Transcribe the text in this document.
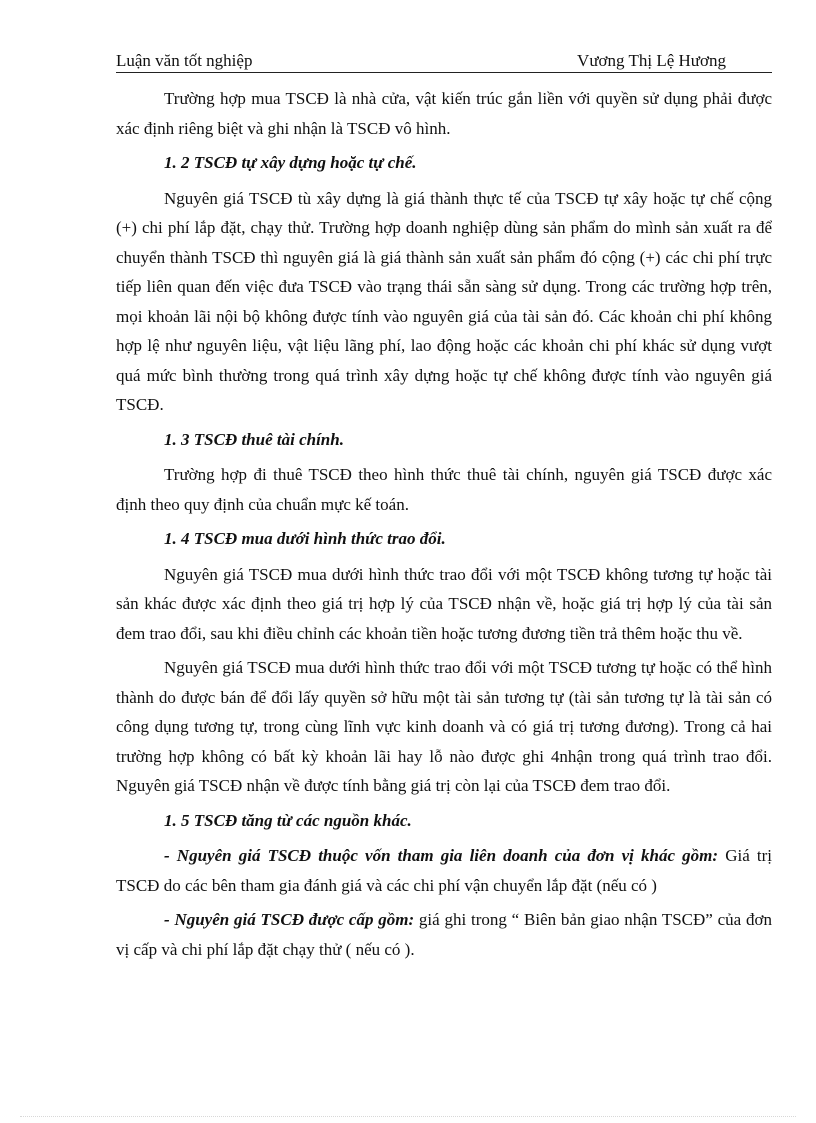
Luận văn tốt nghiệp	Vương Thị Lệ Hương

Trường hợp mua TSCĐ là nhà cửa, vật kiến trúc gắn liền với quyền sử dụng phải được xác định riêng biệt và ghi nhận là TSCĐ vô hình.

1. 2 TSCĐ tự xây dựng hoặc tự chế.

Nguyên giá TSCĐ tù xây dựng là giá thành thực tế của TSCĐ tự xây hoặc tự chế cộng (+) chi phí lắp đặt, chạy thử. Trường hợp doanh nghiệp dùng sản phẩm do mình sản xuất ra để chuyển thành TSCĐ thì nguyên giá là giá thành sản xuất sản phẩm đó cộng (+) các chi phí trực tiếp liên quan đến việc đưa TSCĐ vào trạng thái sẵn sàng sử dụng. Trong các trường hợp trên, mọi khoản lãi nội bộ không được tính vào nguyên giá của tài sản đó. Các khoản chi phí không hợp lệ như nguyên liệu, vật liệu lãng phí, lao động hoặc các khoản chi phí khác sử dụng vượt quá mức bình thường trong quá trình xây dựng hoặc tự chế không được tính vào nguyên giá TSCĐ.

1. 3 TSCĐ thuê tài chính.

Trường hợp đi thuê TSCĐ theo hình thức thuê tài chính, nguyên giá TSCĐ được xác định theo quy định của chuẩn mực kế toán.

1. 4 TSCĐ mua dưới hình thức trao đổi.

Nguyên giá TSCĐ mua dưới hình thức trao đổi với một TSCĐ không tương tự hoặc tài sản khác được xác định theo giá trị hợp lý của TSCĐ nhận về, hoặc giá trị hợp lý của tài sản đem trao đổi, sau khi điều chỉnh các khoản tiền hoặc tương đương tiền trả thêm hoặc thu về.

Nguyên giá TSCĐ mua dưới hình thức trao đổi với một TSCĐ tương tự hoặc có thể hình thành do được bán để đổi lấy quyền sở hữu một tài sản tương tự (tài sản tương tự là tài sản có công dụng tương tự, trong cùng lĩnh vực kinh doanh và có giá trị tương đương). Trong cả hai trường hợp không có bất kỳ khoản lãi hay lỗ nào được ghi 4nhận trong quá trình trao đổi. Nguyên giá TSCĐ nhận về được tính bằng giá trị còn lại của TSCĐ đem trao đổi.

1. 5 TSCĐ tăng từ các nguồn khác.

- Nguyên giá TSCĐ thuộc vốn tham gia liên doanh của đơn vị khác gồm: Giá trị TSCĐ do các bên tham gia đánh giá và các chi phí vận chuyển lắp đặt (nếu có )

- Nguyên giá TSCĐ được cấp gồm: giá ghi trong “ Biên bản giao nhận TSCĐ” của đơn vị cấp và chi phí lắp đặt chạy thử ( nếu có ).
